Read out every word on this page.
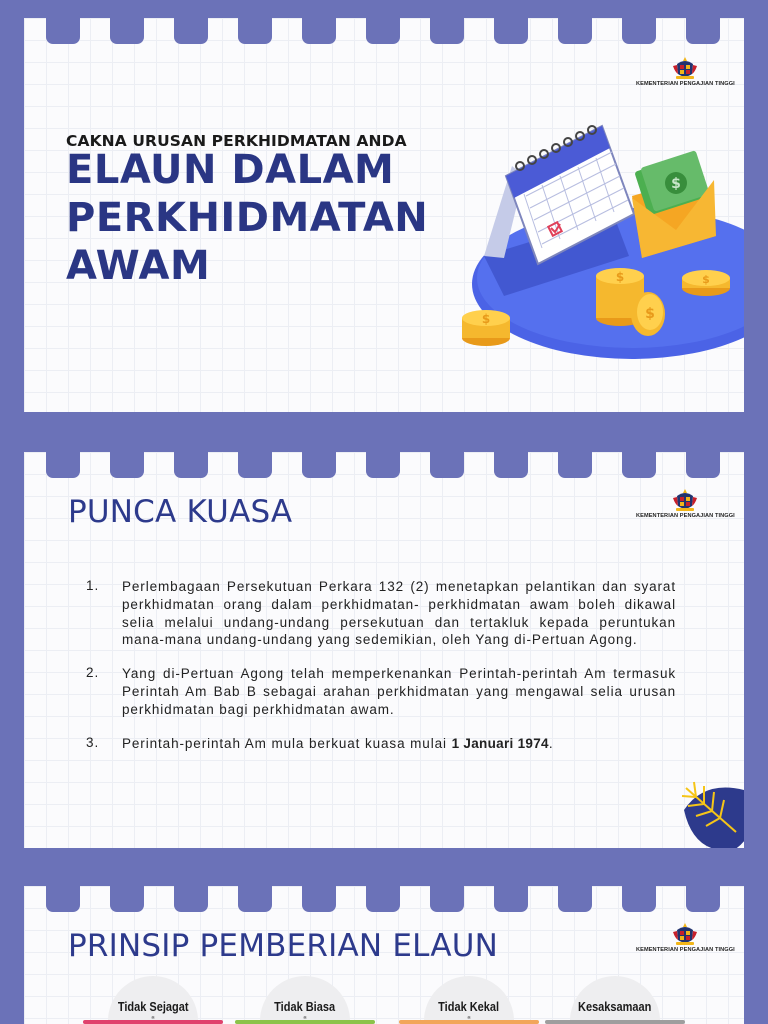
KEMENTERIAN PENGAJIAN TINGGI
CAKNA URUSAN PERKHIDMATAN ANDA
ELAUN DALAM
PERKHIDMATAN
AWAM
$
$
$
$
$
KEMENTERIAN PENGAJIAN TINGGI
PUNCA KUASA
1. Perlembagaan Persekutuan Perkara 132 (2) menetapkan pelantikan dan syarat perkhidmatan orang dalam perkhidmatan- perkhidmatan awam boleh dikawal selia melalui undang-undang persekutuan dan tertakluk kepada peruntukan mana-mana undang-undang yang sedemikian, oleh Yang di-Pertuan Agong.
2. Yang di-Pertuan Agong telah memperkenankan Perintah-perintah Am termasuk Perintah Am Bab B sebagai arahan perkhidmatan yang mengawal selia urusan perkhidmatan bagi perkhidmatan awam.
3. Perintah-perintah Am mula berkuat kuasa mulai 1 Januari 1974.
KEMENTERIAN PENGAJIAN TINGGI
PRINSIP PEMBERIAN ELAUN
Tidak Sejagat	Tidak Biasa	Tidak Kekal	Kesaksamaan
